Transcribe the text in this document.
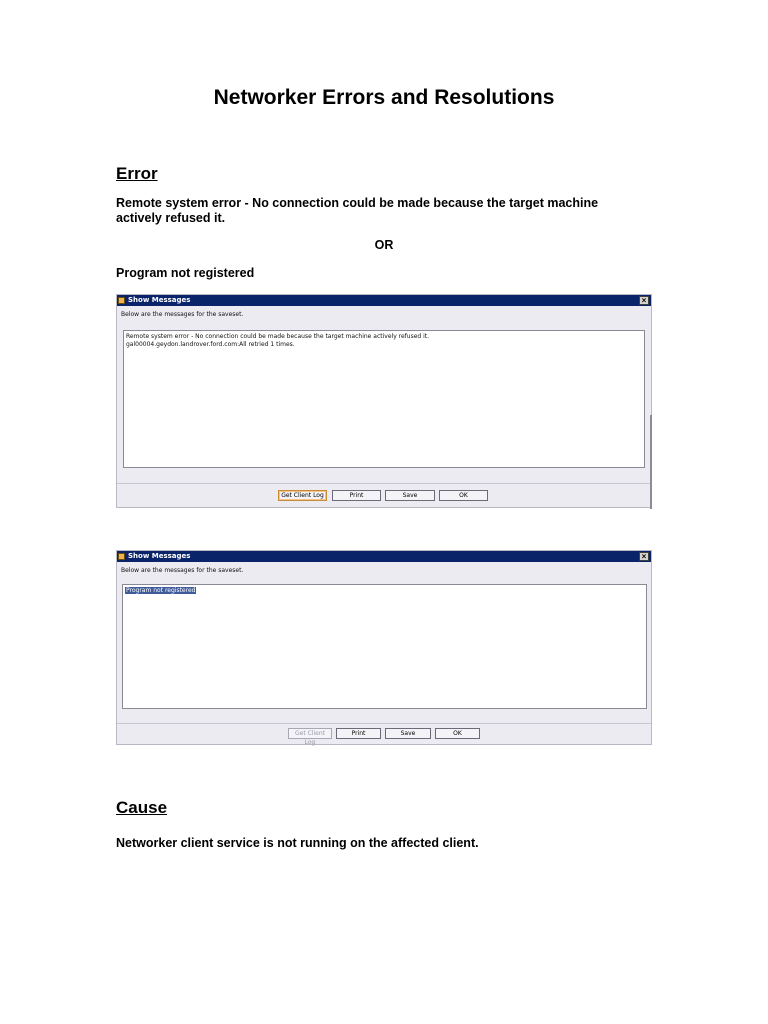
Networker Errors and Resolutions
Error
Remote system error - No connection could be made because the target machine actively refused it.
OR
Program not registered
Show Messages	×
Below are the messages for the saveset.
Remote system error - No connection could be made because the target machine actively refused it.
gal00004.geydon.landrover.ford.com:All retried 1 times.
Get Client Log	Print	Save	OK
Show Messages	×
Below are the messages for the saveset.
Program not registered
Get Client Log
Print	Save	OK
Cause
Networker client service is not running on the affected client.
